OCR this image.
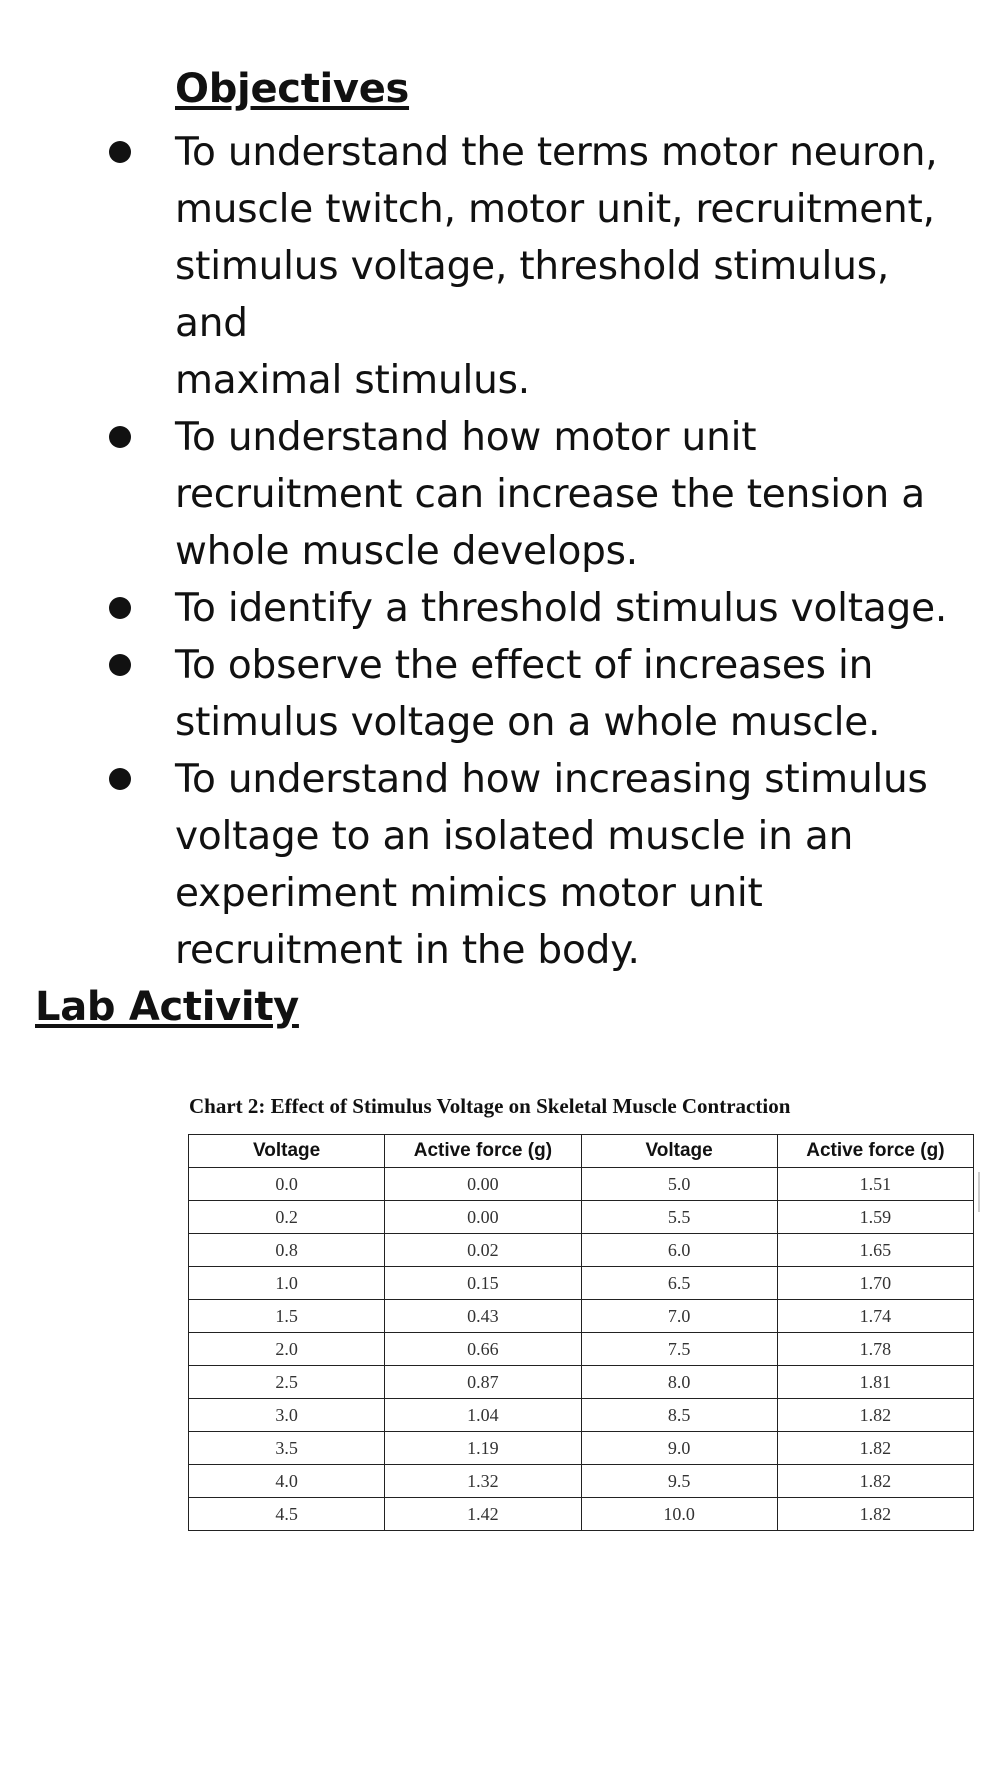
Objectives
To understand the terms motor neuron,
muscle twitch, motor unit, recruitment,
stimulus voltage, threshold stimulus, and
maximal stimulus.
To understand how motor unit
recruitment can increase the tension a
whole muscle develops.
To identify a threshold stimulus voltage.
To observe the effect of increases in
stimulus voltage on a whole muscle.
To understand how increasing stimulus
voltage to an isolated muscle in an
experiment mimics motor unit
recruitment in the body.
Lab Activity
Chart 2: Effect of Stimulus Voltage on Skeletal Muscle Contraction
Voltage	Active force (g)	Voltage	Active force (g)
0.0	0.00	5.0	1.51
0.2	0.00	5.5	1.59
0.8	0.02	6.0	1.65
1.0	0.15	6.5	1.70
1.5	0.43	7.0	1.74
2.0	0.66	7.5	1.78
2.5	0.87	8.0	1.81
3.0	1.04	8.5	1.82
3.5	1.19	9.0	1.82
4.0	1.32	9.5	1.82
4.5	1.42	10.0	1.82
